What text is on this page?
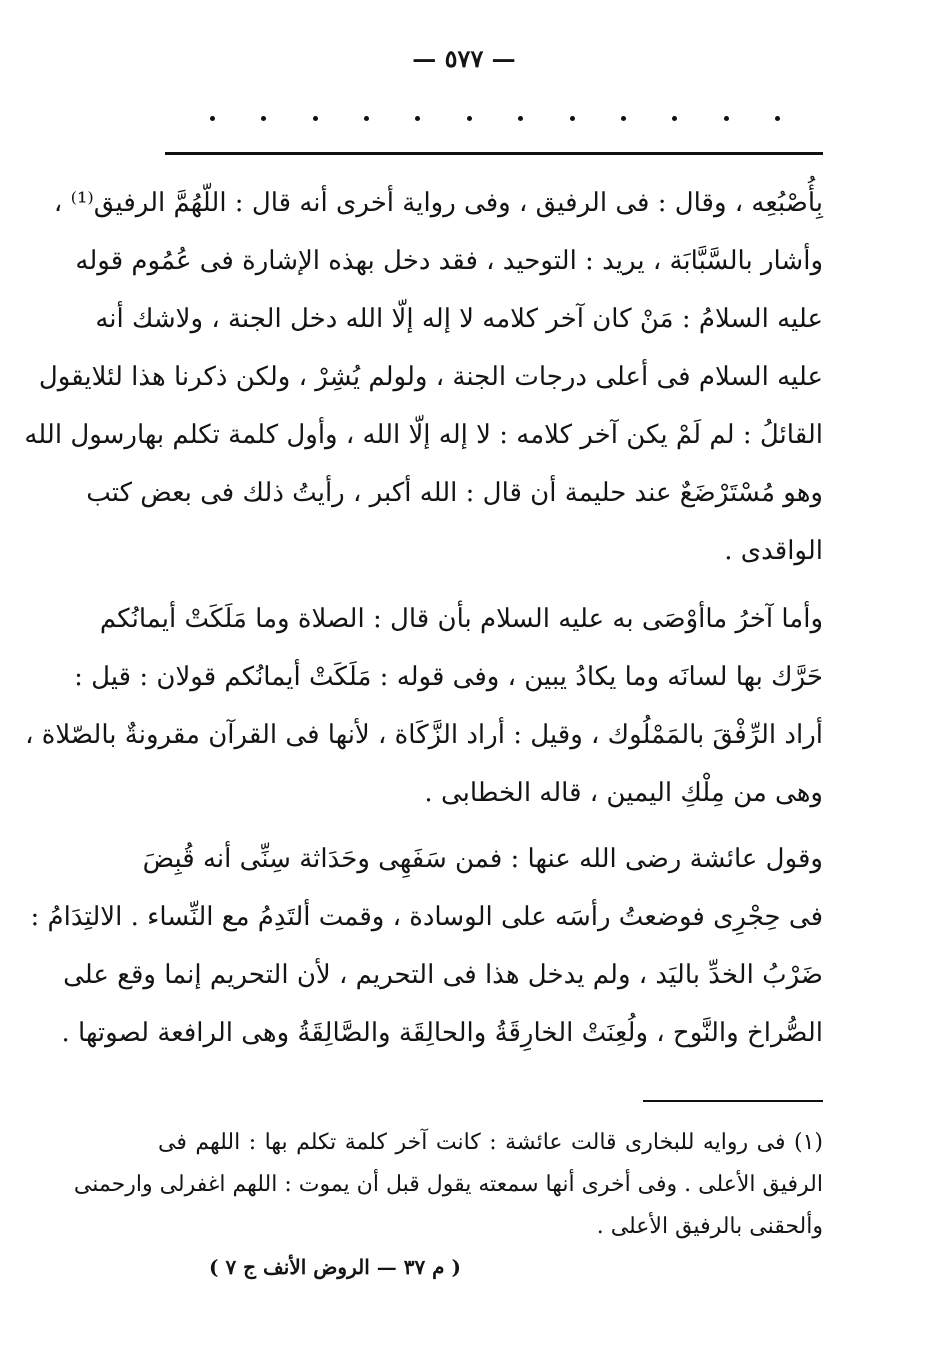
— ٥٧٧ —
بِأُصْبُعِه ، وقال : فى الرفيق ، وفى رواية أخرى أنه قال : اللّهُمَّ الرفيق⁽¹⁾ ،
وأشار بالسَّبَّابَة ، يريد : التوحيد ، فقد دخل بهذه الإشارة فى عُمُوم قوله
عليه السلامُ : مَنْ كان آخر كلامه لا إله إلّا الله دخل الجنة ، ولاشك أنه
عليه السلام فى أعلى درجات الجنة ، ولولم يُشِرْ ، ولكن ذكرنا هذا لئلايقول
القائلُ : لم لَمْ يكن آخر كلامه : لا إله إلّا الله ، وأول كلمة تكلم بهارسول الله
وهو مُسْتَرْضَعٌ عند حليمة أن قال : الله أكبر ، رأيتُ ذلك فى بعض كتب
الواقدى .
وأما آخرُ ماأوْصَى به عليه السلام بأن قال : الصلاة وما مَلَكَتْ أيمانُكم
حَرَّك بها لسانَه وما يكادُ يبين ، وفى قوله : مَلَكَتْ أيمانُكم قولان : قيل :
أراد الرِّفْقَ بالمَمْلُوك ، وقيل : أراد الزَّكَاة ، لأنها فى القرآن مقرونةٌ بالصّلاة ،
وهى من مِلْكِ اليمين ، قاله الخطابى .
وقول عائشة رضى الله عنها : فمن سَفَهِى وحَدَاثة سِنِّى أنه قُبِضَ
فى حِجْرِى فوضعتُ رأسَه على الوسادة ، وقمت ألتَدِمُ مع النِّساء . الالتِدَامُ :
ضَرْبُ الخدِّ باليَد ، ولم يدخل هذا فى التحريم ، لأن التحريم إنما وقع على
الصُّراخ والنَّوح ، ولُعِنَتْ الخارِقَةُ والحالِقَة والصَّالِقَةُ وهى الرافعة لصوتها .
(١) فى روايه للبخارى قالت عائشة : كانت آخر كلمة تكلم بها : اللهم فى
الرفيق الأعلى . وفى أخرى أنها سمعته يقول قبل أن يموت : اللهم اغفرلى وارحمنى
وألحقنى بالرفيق الأعلى .
( م ٣٧ — الروض الأنف ج ٧ )
